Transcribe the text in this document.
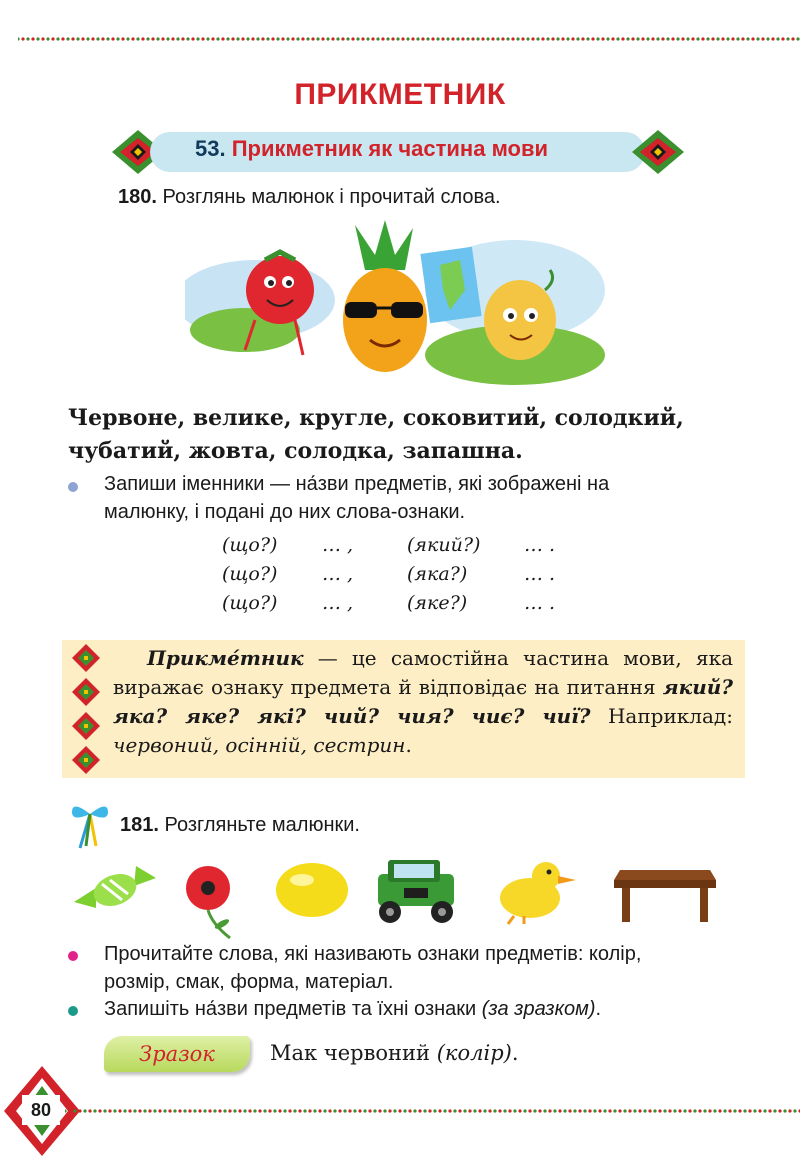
ПРИКМЕТНИК
53. Прикметник як частина мови
180. Розглянь малюнок і прочитай слова.
Червоне, велике, кругле, соковитий, солодкий,
чубатий, жовта, солодка, запашна.
Запиши іменники — на́зви предметів, які зображені на
малюнку, і подані до них слова-ознаки.
(що?) … ,	(який?) … .
(що?) … ,	(яка?)	… .
(що?) … ,	(яке?)	… .
Прикме́тник — це самостійна частина мови, яка виражає ознаку предмета й відповідає на питання який? яка? яке? які? чий? чия? чиє? чиї? Наприклад: червоний, осінній, сестрин.
181. Розгляньте малюнки.
Прочитайте слова, які називають ознаки предметів: колір,
розмір, смак, форма, матеріал.
Запишіть на́зви предметів та їхні ознаки (за зразком).
Зразок	Мак червоний (колір).
80
